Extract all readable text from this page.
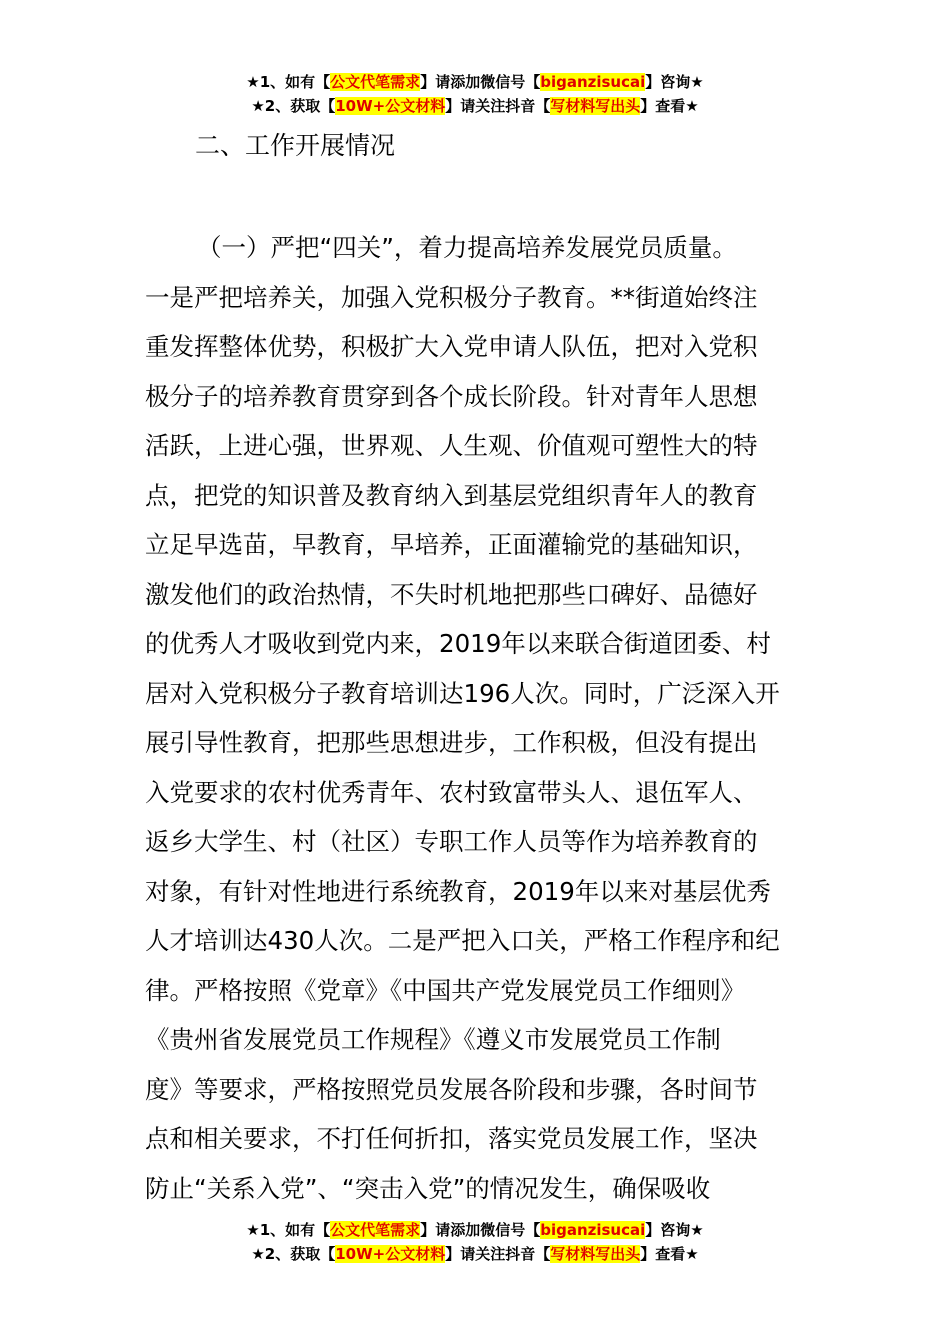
★1、如有【公文代笔需求】请添加微信号【biganzisucai】咨询★
★2、获取【10W+公文材料】请关注抖音【写材料写出头】查看★
二、工作开展情况
（一）严把“四关”，着力提高培养发展党员质量。
一是严把培养关，加强入党积极分子教育。**街道始终注
重发挥整体优势，积极扩大入党申请人队伍，把对入党积
极分子的培养教育贯穿到各个成长阶段。针对青年人思想
活跃，上进心强，世界观、人生观、价值观可塑性大的特
点，把党的知识普及教育纳入到基层党组织青年人的教育
立足早选苗，早教育，早培养，正面灌输党的基础知识，
激发他们的政治热情，不失时机地把那些口碑好、品德好
的优秀人才吸收到党内来，2019年以来联合街道团委、村
居对入党积极分子教育培训达196人次。同时，广泛深入开
展引导性教育，把那些思想进步，工作积极，但没有提出
入党要求的农村优秀青年、农村致富带头人、退伍军人、
返乡大学生、村（社区）专职工作人员等作为培养教育的
对象，有针对性地进行系统教育，2019年以来对基层优秀
人才培训达430人次。二是严把入口关，严格工作程序和纪
律。严格按照《党章》《中国共产党发展党员工作细则》
《贵州省发展党员工作规程》《遵义市发展党员工作制
度》等要求，严格按照党员发展各阶段和步骤，各时间节
点和相关要求，不打任何折扣，落实党员发展工作，坚决
防止“关系入党”、“突击入党”的情况发生，确保吸收
★1、如有【公文代笔需求】请添加微信号【biganzisucai】咨询★
★2、获取【10W+公文材料】请关注抖音【写材料写出头】查看★
